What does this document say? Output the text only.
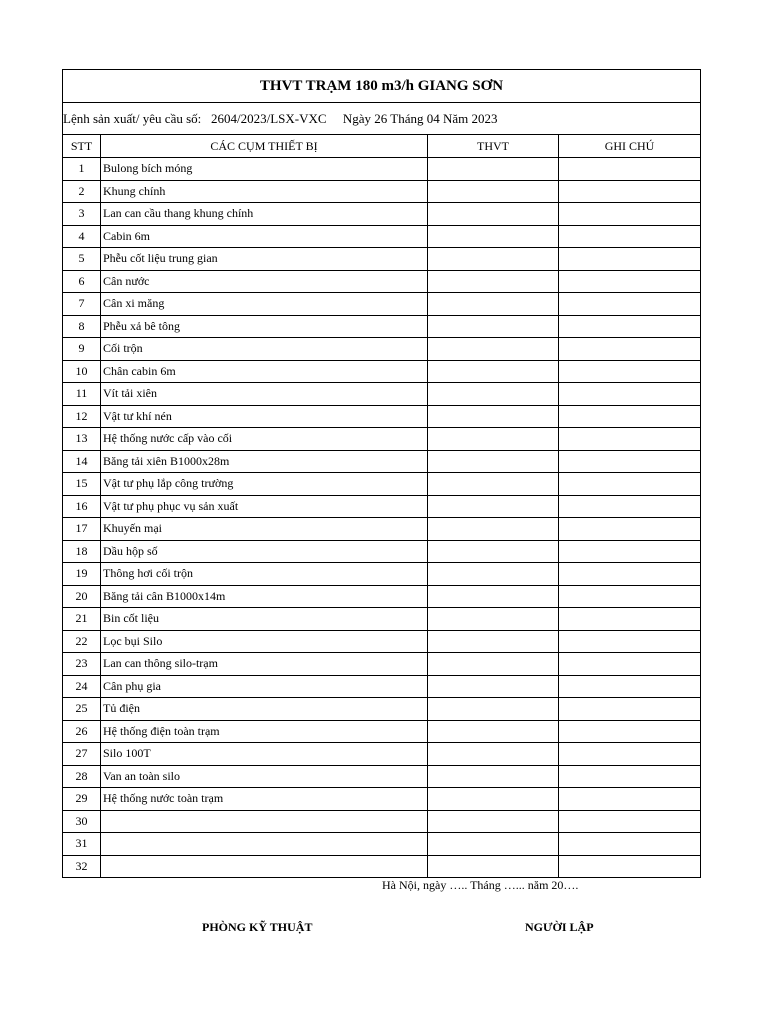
THVT TRẠM 180 m3/h GIANG SƠN			
Lệnh sản xuất/ yêu cầu số:   2604/2023/LSX-VXC     Ngày 26 Tháng 04 Năm 2023			
STT	CÁC CỤM THIẾT BỊ	THVT	GHI CHÚ
1	Bulong bích móng		
2	Khung chính		
3	Lan can cầu thang khung chính		
4	Cabin 6m		
5	Phễu cốt liệu trung gian		
6	Cân nước		
7	Cân xi măng		
8	Phễu xả bê tông		
9	Cối trộn		
10	Chân cabin 6m		
11	Vít tải xiên		
12	Vật tư khí nén		
13	Hệ thống nước cấp vào cối		
14	Băng tải xiên B1000x28m		
15	Vật tư phụ lắp công trường		
16	Vật tư phụ phục vụ sản xuất		
17	Khuyến mại		
18	Dầu hộp số		
19	Thông hơi cối trộn		
20	Băng tải cân B1000x14m		
21	Bin cốt liệu		
22	Lọc bụi Silo		
23	Lan can thông silo-trạm		
24	Cân phụ gia		
25	Tủ điện		
26	Hệ thống điện toàn trạm		
27	Silo 100T		
28	Van an toàn silo		
29	Hệ thống nước toàn trạm		
30			
31			
32			
Hà Nội, ngày ….. Tháng …... năm 20….
PHÒNG KỸ THUẬT	NGƯỜI LẬP
